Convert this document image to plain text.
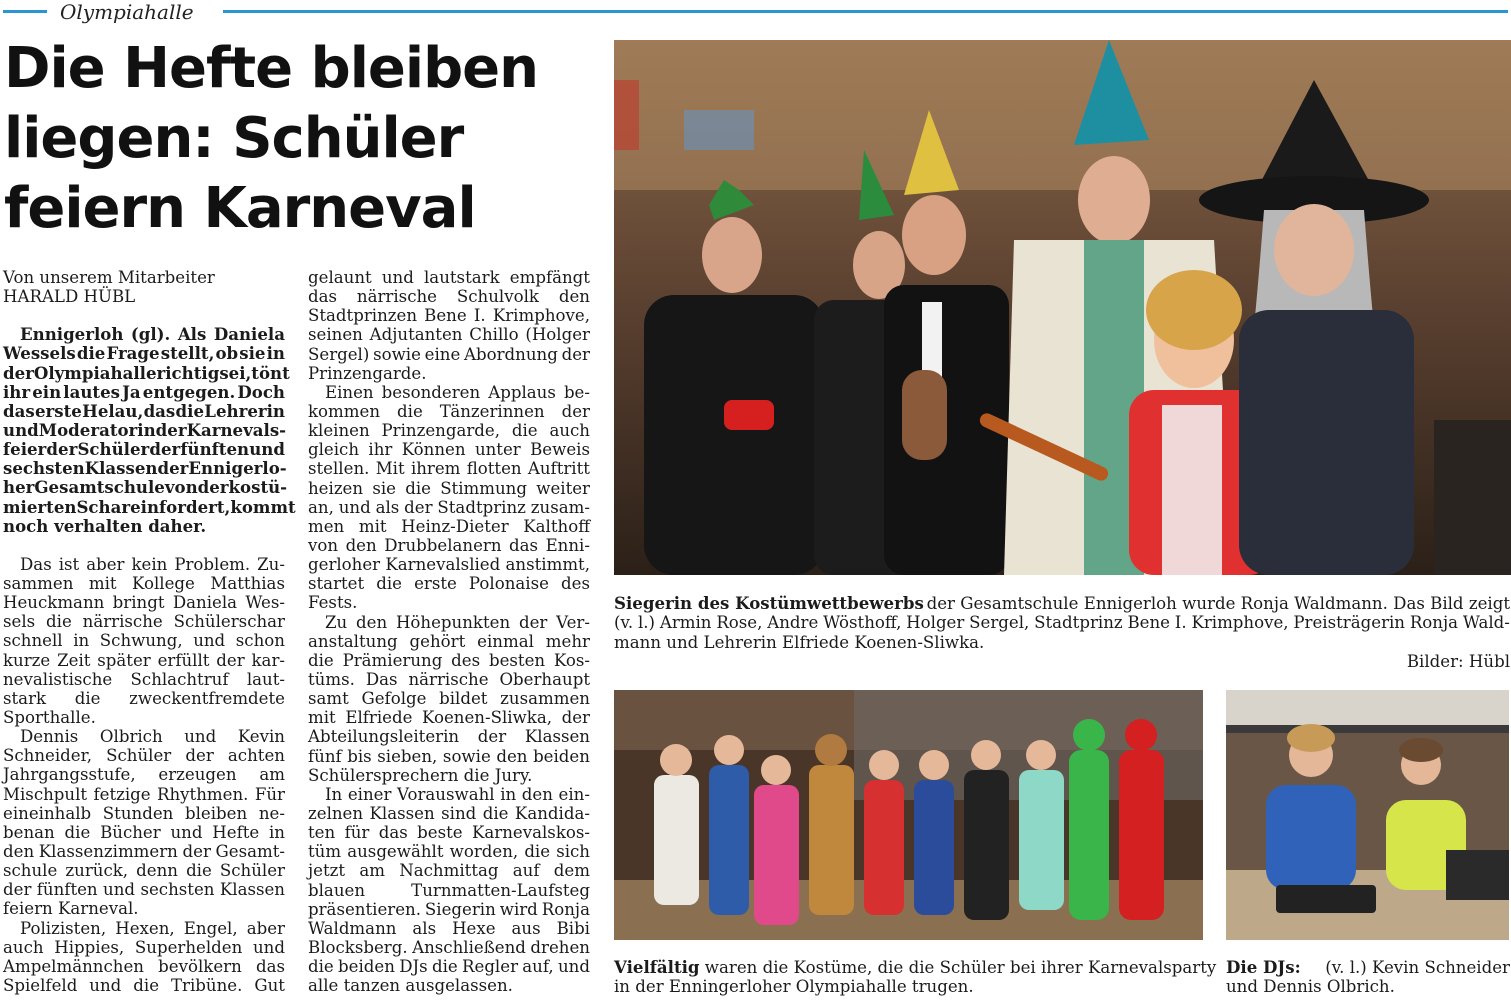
Olympiahalle
Die Hefte bleiben
liegen: Schüler
feiern Karneval
Von unserem Mitarbeiter
HARALD HÜBL
Ennigerloh (gl). Als Daniela
Wessels die Frage stellt, ob sie in
der Olympiahalle richtig sei, tönt
ihr ein lautes Ja entgegen. Doch
das erste Helau, das die Lehrerin
und Moderatorin der Karnevals-
feier der Schüler der fünften und
sechsten Klassen der Ennigerlo-
her Gesamtschule von der kostü-
mierten Schar einfordert, kommt
noch verhalten daher.
Das ist aber kein Problem. Zu-
sammen mit Kollege Matthias
Heuckmann bringt Daniela Wes-
sels die närrische Schülerschar
schnell in Schwung, und schon
kurze Zeit später erfüllt der kar-
nevalistische Schlachtruf laut-
stark die zweckentfremdete
Sporthalle.
Dennis Olbrich und Kevin
Schneider, Schüler der achten
Jahrgangsstufe, erzeugen am
Mischpult fetzige Rhythmen. Für
eineinhalb Stunden bleiben ne-
benan die Bücher und Hefte in
den Klassenzimmern der Gesamt-
schule zurück, denn die Schüler
der fünften und sechsten Klassen
feiern Karneval.
Polizisten, Hexen, Engel, aber
auch Hippies, Superhelden und
Ampelmännchen bevölkern das
Spielfeld und die Tribüne. Gut
gelaunt und lautstark empfängt
das närrische Schulvolk den
Stadtprinzen Bene I. Krimphove,
seinen Adjutanten Chillo (Holger
Sergel) sowie eine Abordnung der
Prinzengarde.
Einen besonderen Applaus be-
kommen die Tänzerinnen der
kleinen Prinzengarde, die auch
gleich ihr Können unter Beweis
stellen. Mit ihrem flotten Auftritt
heizen sie die Stimmung weiter
an, und als der Stadtprinz zusam-
men mit Heinz-Dieter Kalthoff
von den Drubbelanern das Enni-
gerloher Karnevalslied anstimmt,
startet die erste Polonaise des
Fests.
Zu den Höhepunkten der Ver-
anstaltung gehört einmal mehr
die Prämierung des besten Kos-
tüms. Das närrische Oberhaupt
samt Gefolge bildet zusammen
mit Elfriede Koenen-Sliwka, der
Abteilungsleiterin der Klassen
fünf bis sieben, sowie den beiden
Schülersprechern die Jury.
In einer Vorauswahl in den ein-
zelnen Klassen sind die Kandida-
ten für das beste Karnevalskos-
tüm ausgewählt worden, die sich
jetzt am Nachmittag auf dem
blauen	Turnmatten-Laufsteg
präsentieren. Siegerin wird Ronja
Waldmann als Hexe aus Bibi
Blocksberg. Anschließend drehen
die beiden DJs die Regler auf, und
alle tanzen ausgelassen.
Siegerin des Kostümwettbewerbs der Gesamtschule Ennigerloh wurde Ronja Waldmann. Das Bild zeigt
(v. l.) Armin Rose, Andre Wösthoff, Holger Sergel, Stadtprinz Bene I. Krimphove, Preisträgerin Ronja Wald-
mann und Lehrerin Elfriede Koenen-Sliwka.
Bilder: Hübl
Vielfältig waren die Kostüme, die die Schüler bei ihrer Karnevalsparty
in der Enningerloher Olympiahalle trugen.
Die DJs: (v. l.) Kevin Schneider
und Dennis Olbrich.
